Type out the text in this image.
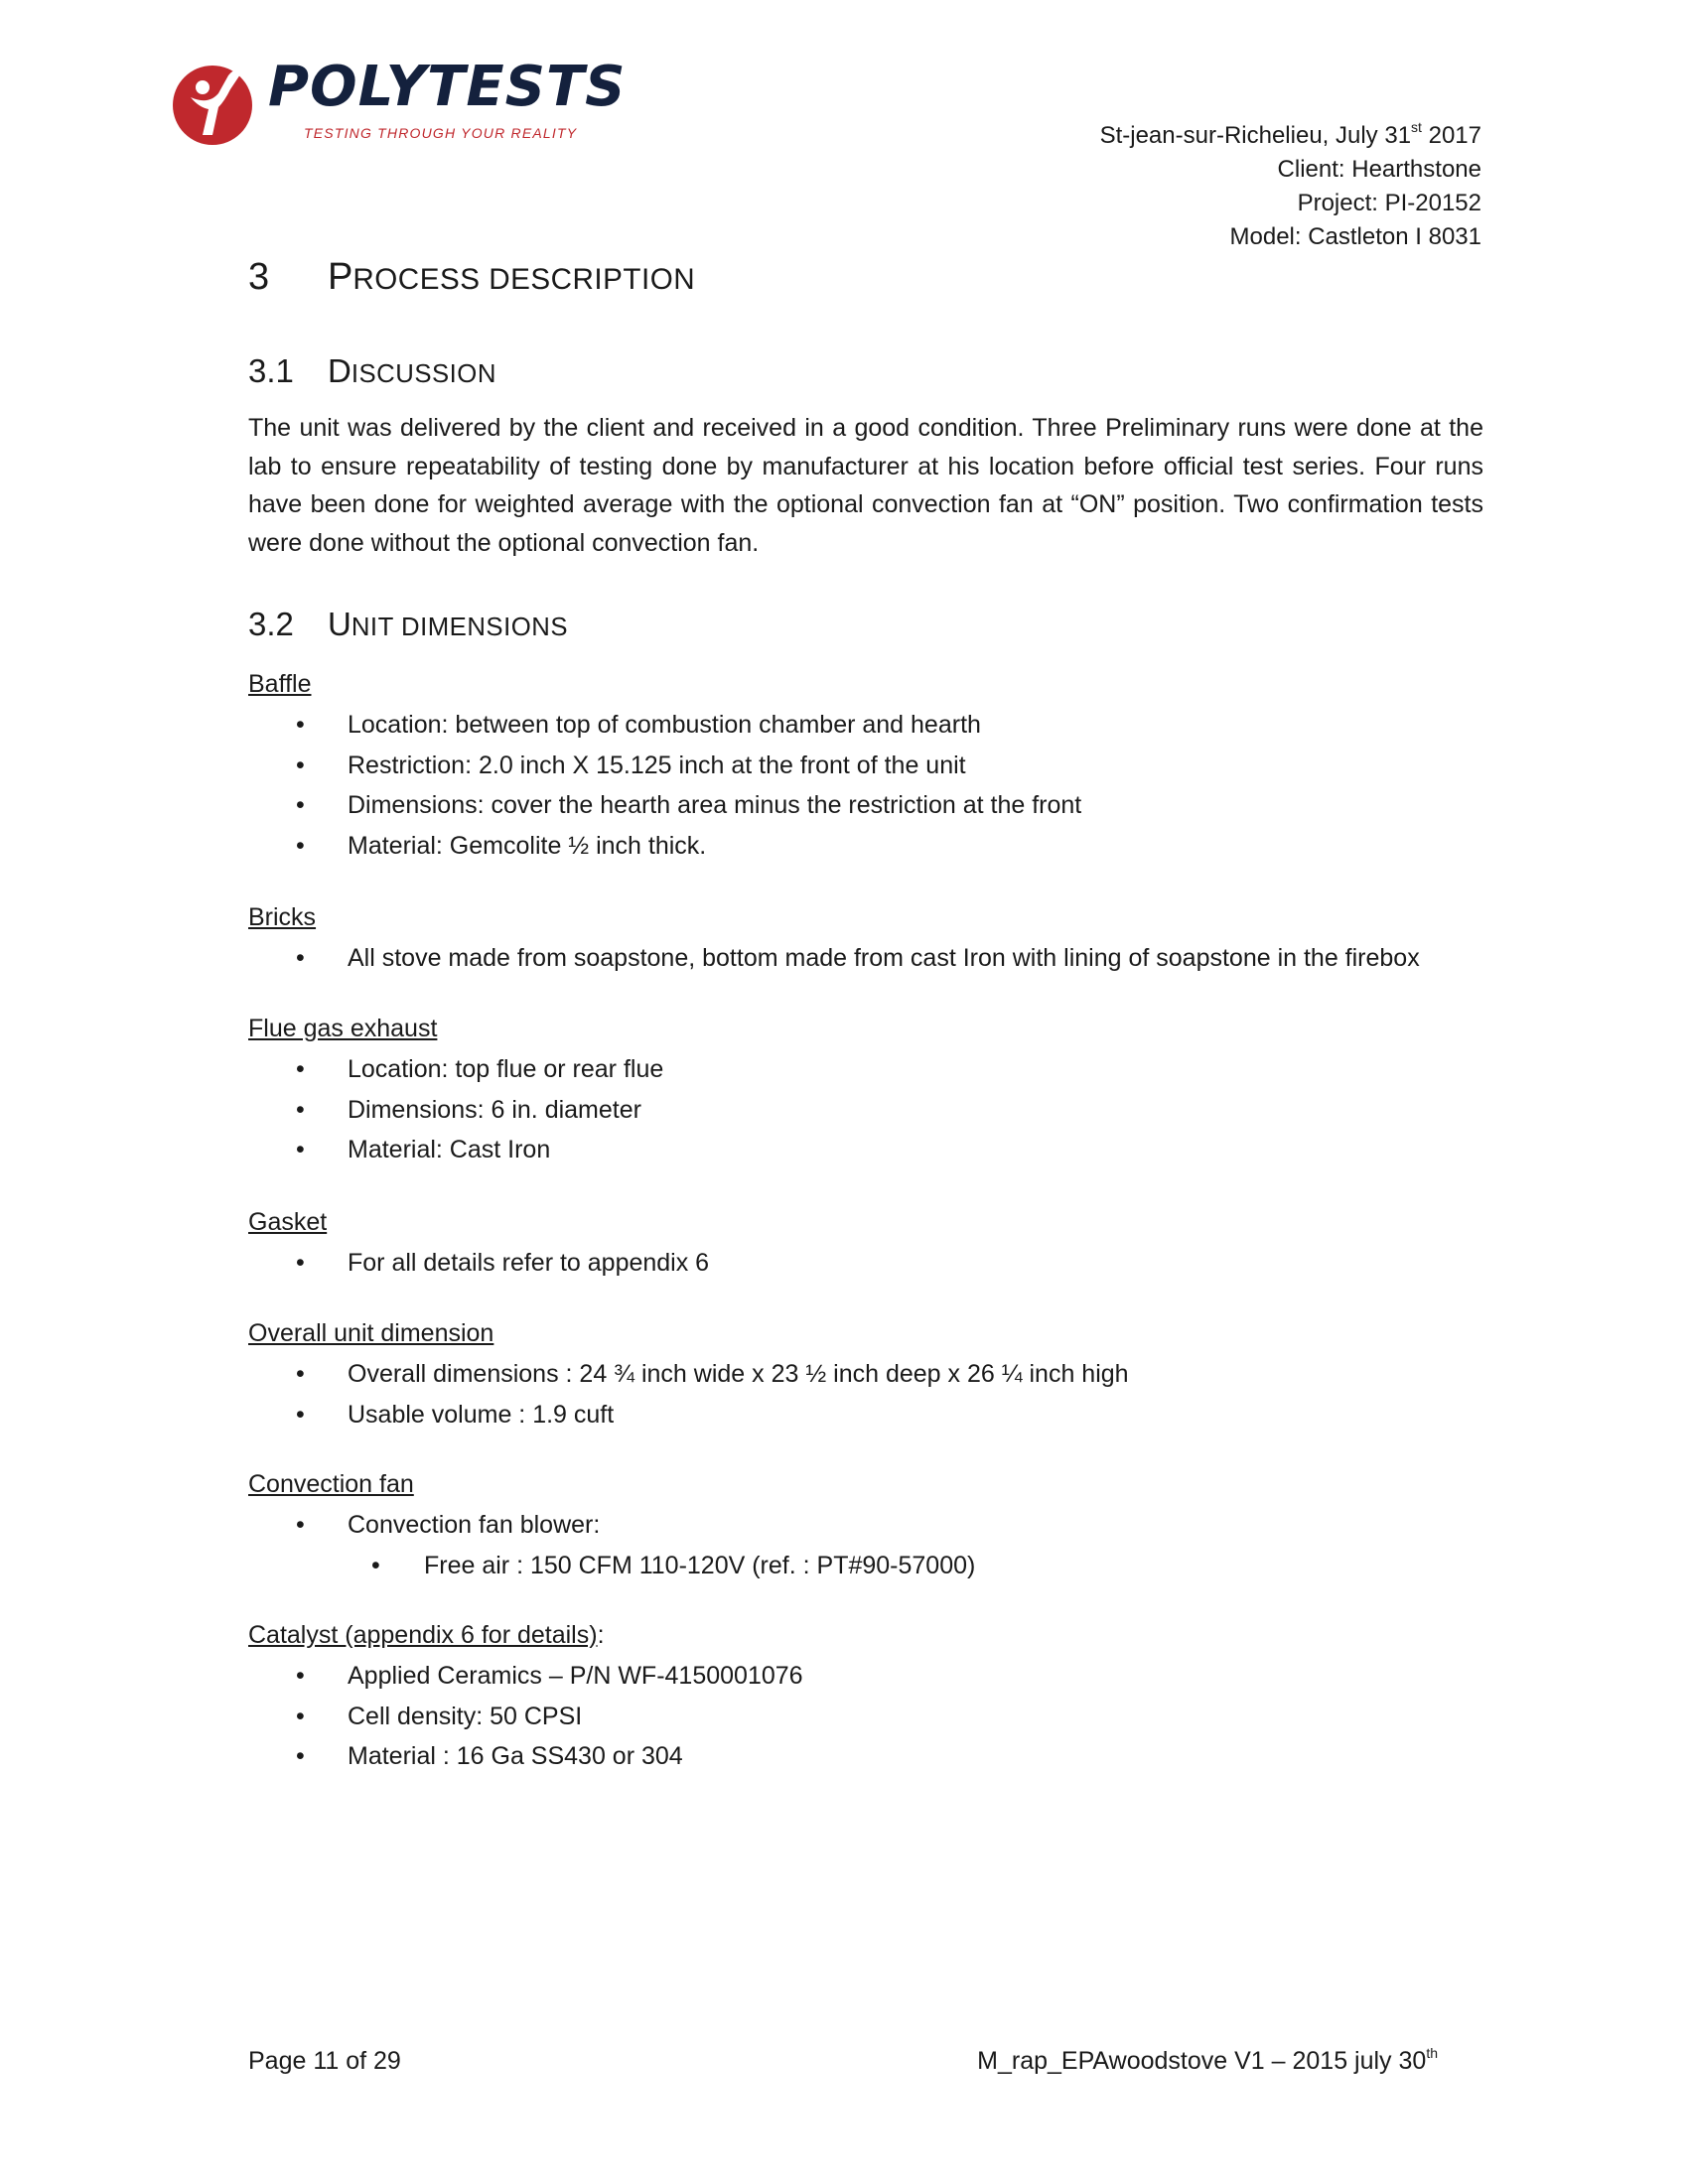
POLYTESTS
TESTING THROUGH YOUR REALITY	St-jean-sur-Richelieu, July 31st 2017
Client: Hearthstone
Project: PI-20152
Model: Castleton I 8031
3 PROCESS DESCRIPTION
3.1 DISCUSSION
The unit was delivered by the client and received in a good condition. Three Preliminary runs were done at the lab to ensure repeatability of testing done by manufacturer at his location before official test series. Four runs have been done for weighted average with the optional convection fan at “ON” position. Two confirmation tests were done without the optional convection fan.
3.2 UNIT DIMENSIONS
Baffle
• Location: between top of combustion chamber and hearth
• Restriction: 2.0 inch X 15.125 inch at the front of the unit
• Dimensions: cover the hearth area minus the restriction at the front
• Material: Gemcolite ½ inch thick.
Bricks
• All stove made from soapstone, bottom made from cast Iron with lining of soapstone in the firebox
Flue gas exhaust
• Location: top flue or rear flue
• Dimensions: 6 in. diameter
• Material: Cast Iron
Gasket
• For all details refer to appendix 6
Overall unit dimension
• Overall dimensions : 24 ¾ inch wide x 23 ½ inch deep x 26 ¼ inch high
• Usable volume : 1.9 cuft
Convection fan
• Convection fan blower:
• Free air : 150 CFM 110-120V (ref. : PT#90-57000)
Catalyst (appendix 6 for details):
• Applied Ceramics – P/N WF-4150001076
• Cell density: 50 CPSI
• Material : 16 Ga SS430 or 304
Page 11 of 29	M_rap_EPAwoodstove V1 – 2015 july 30th
